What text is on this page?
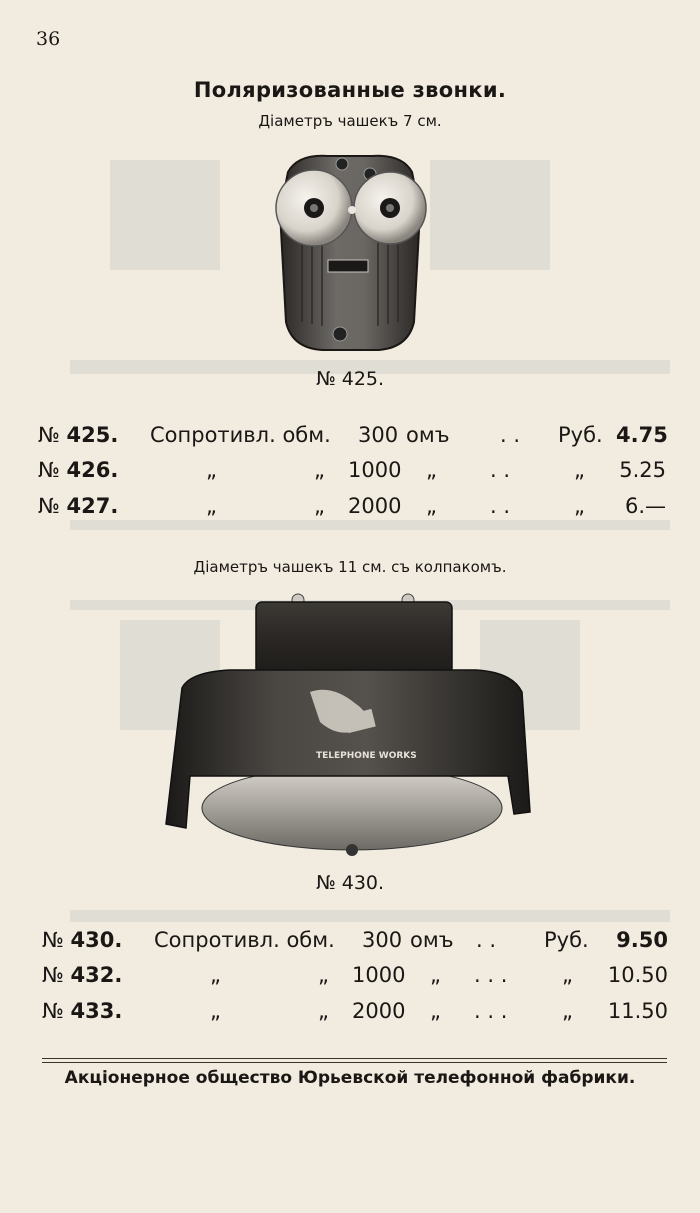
36
Поляризованные звонки.
Діаметръ чашекъ 7 см.
№ 425.
№ 425. Сопротивл. обм. 300 омъ . . Руб. 4.75
№ 426.	„	„ 1000 „	. .	„ 5.25
№ 427.	„	„ 2000 „	. .	„	6.—
Діаметръ чашекъ 11 см. съ колпакомъ.
TELEPHONE WORKS
№ 430.
№ 430. Сопротивл. обм. 300 омъ . . Руб.	9.50
№ 432.	„	„ 1000 „ . . .	„ 10.50
№ 433.	„	„ 2000 „ . . .	„ 11.50
Акціонерное общество Юрьевской телефонной фабрики.
